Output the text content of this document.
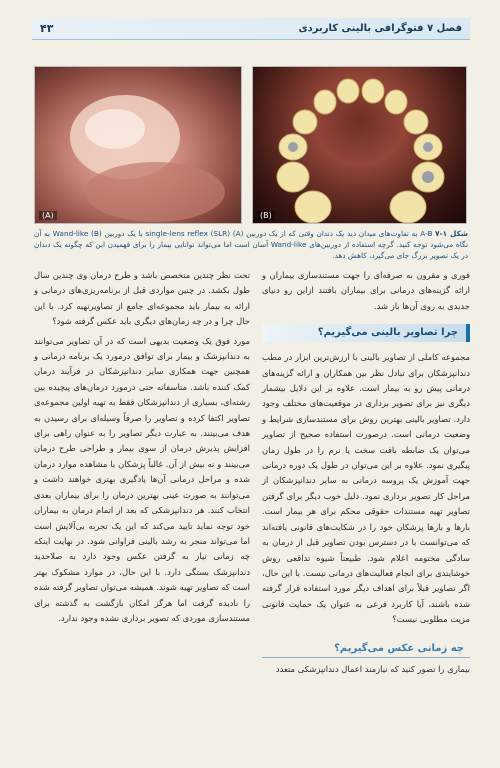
فصل ۷ فتوگرافی بالینی کاربردی
۴۳
(A)	(B)
شکل ۱-۷ A-B به تفاوت‌های میدان دید یک دندان وقتی که از یک دوربین single-lens reflex (SLR) (A) با یک دوربین Wand-like (B) به آن نگاه می‌شود توجه کنید. گرچه استفاده از دوربین‌های Wand-like آسان است اما می‌تواند توانایی بیمار را برای فهمیدن این که چگونه یک دندان در یک تصویر بزرگ جای می‌گیرد، کاهش دهد.

فوری و مقرون به صرفه‌ای را جهت مستندسازی بیماران و ارائه گزینه‌های درمانی برای بیماران بافتند ازاین رو دنیای جدیدی به روی آن‌ها باز شد.

چرا تصاویر بالینی می‌گیریم؟

مجموعه کاملی از تصاویر بالینی با ارزش‌ترین ابزار در مطب دندانپزشکان برای تبادل نظر بین همکاران و ارائه گزینه‌های درمانی پیش رو به بیمار است. علاوه بر این دلایل بیشمار دیگری نیز برای تصویر برداری در موقعیت‌های مختلف وجود دارد. تصاویر بالینی بهترین روش برای مستندسازی شرایط و وضعیت درمانی است. درصورت استفاده صحیح از تصاویر می‌توان یک ضابطه بافت سخت یا نرم را در طول زمان پیگیری نمود. علاوه بر این می‌توان در طول یک دوره درمانی جهت آموزش یک پروسه درمانی به سایر دندانپزشکان از مراحل کار تصویر برداری نمود. دلیل خوب دیگر برای گرفتن تصاویر تهیه مستندات حقوقی محکم برای هر بیمار است. بارها و بارها پزشکان خود را در شکایت‌های قانونی یافته‌اند که می‌توانست با در دسترس بودن تصاویر قبل از درمان به سادگی مختومه اعلام شود. طبیعتاً شیوه تداقعی روش خوشایندی برای انجام فعالیت‌های درمانی نیست. با این حال، اگر تصاویر قبلاً برای اهداف دیگر مورد استفاده قرار گرفته شده باشند، آیا کاربرد فرعی به عنوان یک حمایت قانونی مزیت مطلوبی نیست؟

چه زمانی عکس می‌گیریم؟

بیماری را تصور کنید که نیازمند اعمال دندانپزشکی متعدد

تحت نظر چندین متخصص باشد و طرح درمان وی چندین سال طول بکشد. در چنین مواردی قبل از برنامه‌ریزی‌های درمانی و ارائه به بیمار باید مجموعه‌ای جامع از تصاویرتهیه کرد. با این حال چرا و در چه زمان‌های دیگری باید عکس گرفته شود؟

مورد فوق یک وضعیت بدیهی است که در آن تصاویر می‌توانند به دندانپزشک و بیمار برای توافق درمورد یک برنامه درمانی و همچنین جهت همکاری سایر دندانپزشکان در فرآیند درمان کمک کننده باشد. متاسفانه حتی درمورد درمان‌های پیچیده بین رشته‌ای، بسیاری از دندانپزشکان فقط به تهیه اولین مجموعه‌ی تصاویر اکتفا کرده و تصاویر را صرفاً وسیله‌ای برای رسیدن به هدف می‌بینند. به عبارت دیگر تصاویر را به عنوان راهی برای افزایش پذیرش درمان از سوی بیمار و طراحی طرح درمان می‌بینند و نه بیش از آن. غالباً پزشکان با مشاهده موارد درمان شده و مراحل درمانی آن‌ها یادگیری بهتری خواهند داشت و می‌توانند به صورت عینی بهترین درمان را برای بیماران بعدی انتخاب کنند. هر دندانپزشکی که بعد از اتمام درمان به بیماران خود توجه نماید تایید می‌کند که این یک تجربه بی‌آلایش است اما می‌تواند منجر به رشد بالینی فراوانی شود. در نهایت اینکه چه زمانی نیاز به گرفتن عکس وجود دارد به صلاحدید دندانپزشک بستگی دارد. با این حال، در موارد مشکوک بهتر است که تصاویر تهیه شوند. همیشه می‌توان تصاویر گرفته شده را نادیده گرفت اما هرگز امکان بازگشت به گذشته برای مستندسازی موردی که تصویر برداری نشده وجود ندارد.
